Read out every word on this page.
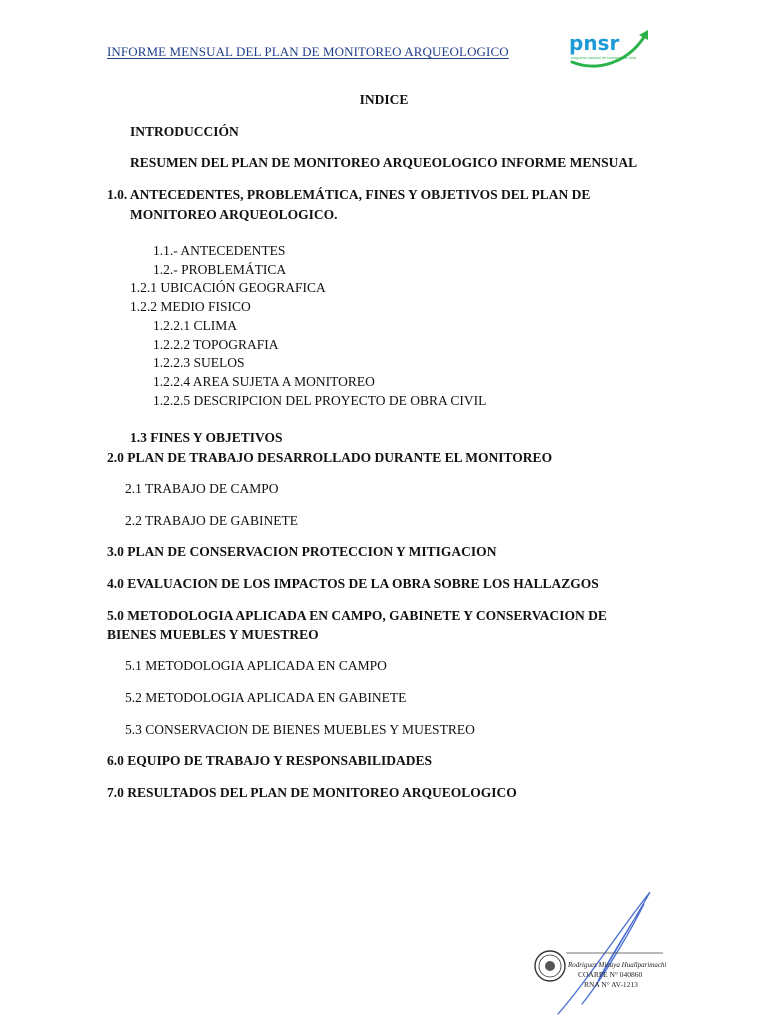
INFORME MENSUAL DEL PLAN DE MONITOREO ARQUEOLOGICO	pnsr
programa nacional de saneamiento rural
INDICE
INTRODUCCIÓN
RESUMEN DEL PLAN DE MONITOREO ARQUEOLOGICO INFORME MENSUAL
1.0. ANTECEDENTES, PROBLEMÁTICA, FINES Y OBJETIVOS DEL PLAN DE
MONITOREO ARQUEOLOGICO.
1.1.- ANTECEDENTES
1.2.- PROBLEMÁTICA
1.2.1 UBICACIÓN GEOGRAFICA
1.2.2 MEDIO FISICO
1.2.2.1 CLIMA
1.2.2.2 TOPOGRAFIA
1.2.2.3 SUELOS
1.2.2.4 AREA SUJETA A MONITOREO
1.2.2.5 DESCRIPCION DEL PROYECTO DE OBRA CIVIL
1.3 FINES Y OBJETIVOS
2.0 PLAN DE TRABAJO DESARROLLADO DURANTE EL MONITOREO
2.1 TRABAJO DE CAMPO
2.2 TRABAJO DE GABINETE
3.0 PLAN DE CONSERVACION PROTECCION Y MITIGACION
4.0 EVALUACION DE LOS IMPACTOS DE LA OBRA SOBRE LOS HALLAZGOS
5.0 METODOLOGIA APLICADA EN CAMPO, GABINETE Y CONSERVACION DE
BIENES MUEBLES Y MUESTREO
5.1 METODOLOGIA APLICADA EN CAMPO
5.2 METODOLOGIA APLICADA EN GABINETE
5.3 CONSERVACION DE BIENES MUEBLES Y MUESTREO
6.0 EQUIPO DE TRABAJO Y RESPONSABILIDADES
7.0 RESULTADOS DEL PLAN DE MONITOREO ARQUEOLOGICO
Rodriguez Minaya Huallparimachi
COARPE N° 040860
RNA N° AV-1213
